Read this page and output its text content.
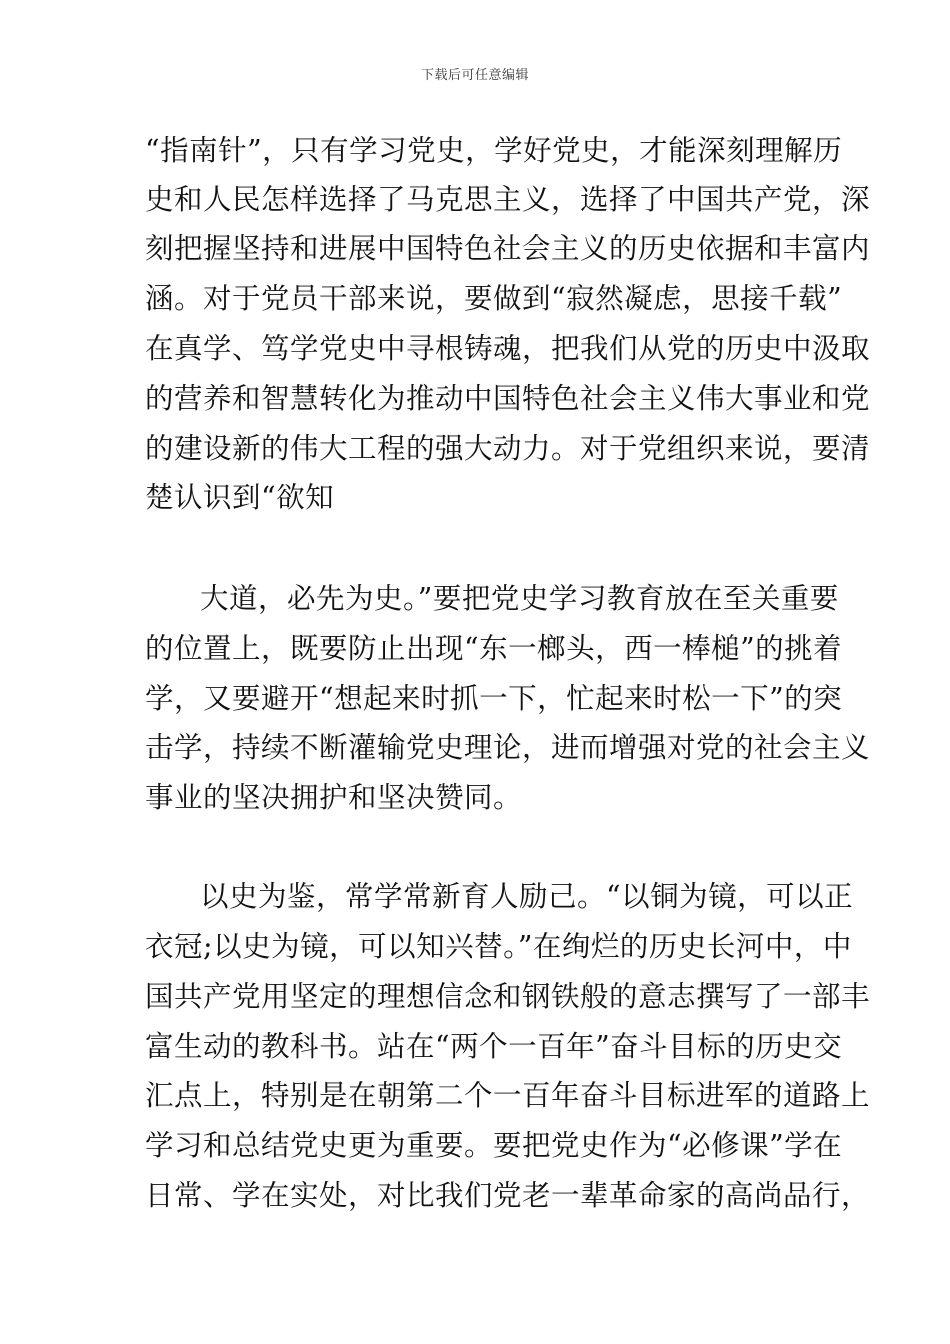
下载后可任意编辑
“指南针”，只有学习党史，学好党史，才能深刻理解历
史和人民怎样选择了马克思主义，选择了中国共产党，深
刻把握坚持和进展中国特色社会主义的历史依据和丰富内
涵。对于党员干部来说，要做到“寂然凝虑，思接千载”
在真学、笃学党史中寻根铸魂，把我们从党的历史中汲取
的营养和智慧转化为推动中国特色社会主义伟大事业和党
的建设新的伟大工程的强大动力。对于党组织来说，要清
楚认识到“欲知
大道，必先为史。”要把党史学习教育放在至关重要
的位置上，既要防止出现“东一榔头，西一棒槌”的挑着
学，又要避开“想起来时抓一下，忙起来时松一下”的突
击学，持续不断灌输党史理论，进而增强对党的社会主义
事业的坚决拥护和坚决赞同。
以史为鉴，常学常新育人励己。“以铜为镜，可以正
衣冠;以史为镜，可以知兴替。”在绚烂的历史长河中，中
国共产党用坚定的理想信念和钢铁般的意志撰写了一部丰
富生动的教科书。站在“两个一百年”奋斗目标的历史交
汇点上，特别是在朝第二个一百年奋斗目标进军的道路上
学习和总结党史更为重要。要把党史作为“必修课”学在
日常、学在实处，对比我们党老一辈革命家的高尚品行，
